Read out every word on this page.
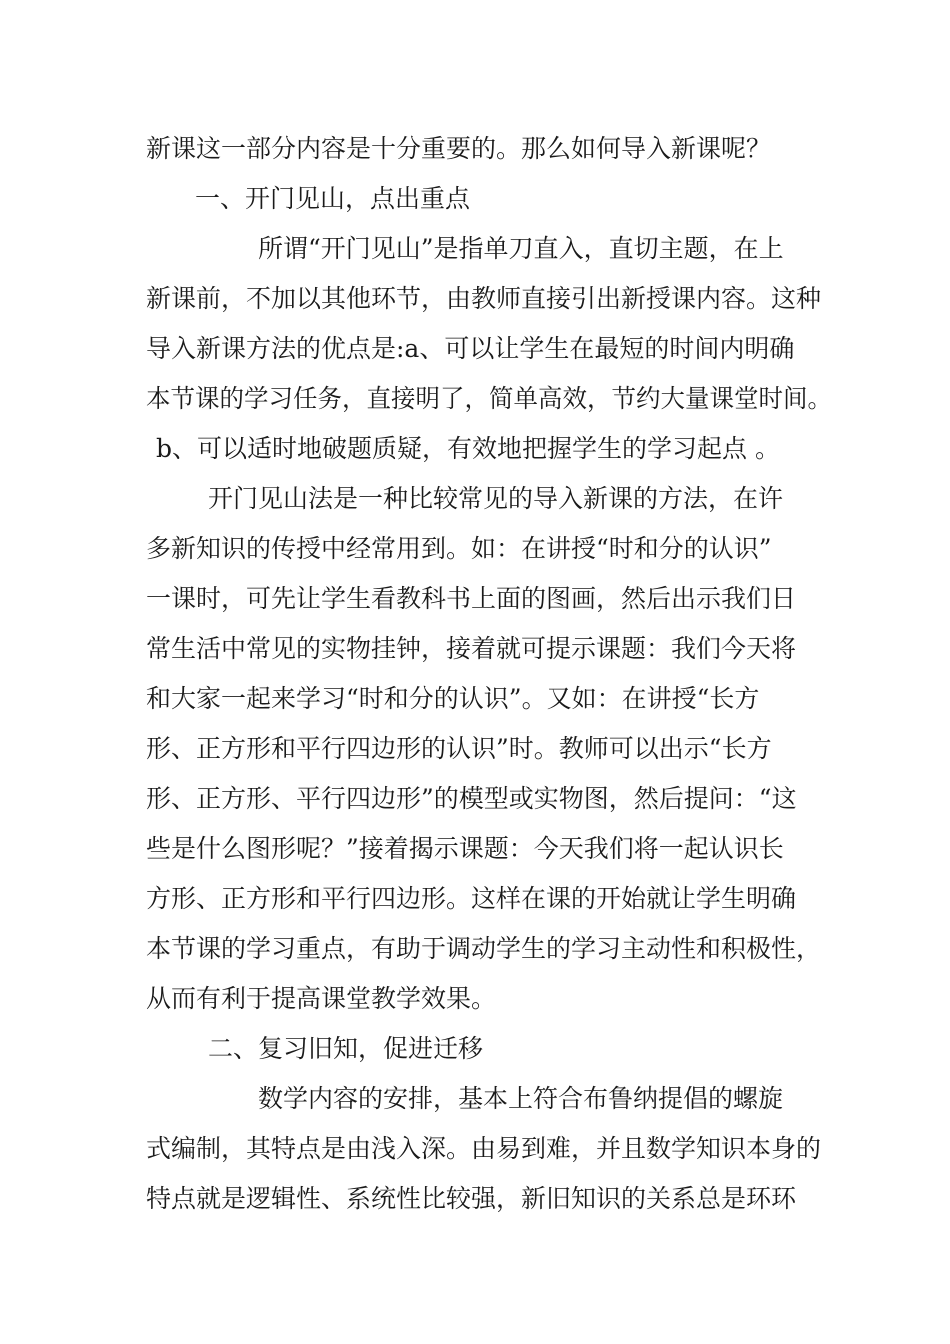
新课这一部分内容是十分重要的。那么如何导入新课呢？
一、开门见山，点出重点
所谓“开门见山”是指单刀直入，直切主题，在上
新课前，不加以其他环节，由教师直接引出新授课内容。这种
导入新课方法的优点是:a、可以让学生在最短的时间内明确
本节课的学习任务，直接明了，简单高效，节约大量课堂时间。
b、可以适时地破题质疑，有效地把握学生的学习起点 。
开门见山法是一种比较常见的导入新课的方法，在许
多新知识的传授中经常用到。如：在讲授“时和分的认识”
一课时，可先让学生看教科书上面的图画，然后出示我们日
常生活中常见的实物挂钟，接着就可提示课题：我们今天将
和大家一起来学习“时和分的认识”。又如：在讲授“长方
形、正方形和平行四边形的认识”时。教师可以出示“长方
形、正方形、平行四边形”的模型或实物图，然后提问：“这
些是什么图形呢？”接着揭示课题：今天我们将一起认识长
方形、正方形和平行四边形。这样在课的开始就让学生明确
本节课的学习重点，有助于调动学生的学习主动性和积极性，
从而有利于提高课堂教学效果。
二、复习旧知，促进迁移
数学内容的安排，基本上符合布鲁纳提倡的螺旋
式编制，其特点是由浅入深。由易到难，并且数学知识本身的
特点就是逻辑性、系统性比较强，新旧知识的关系总是环环
